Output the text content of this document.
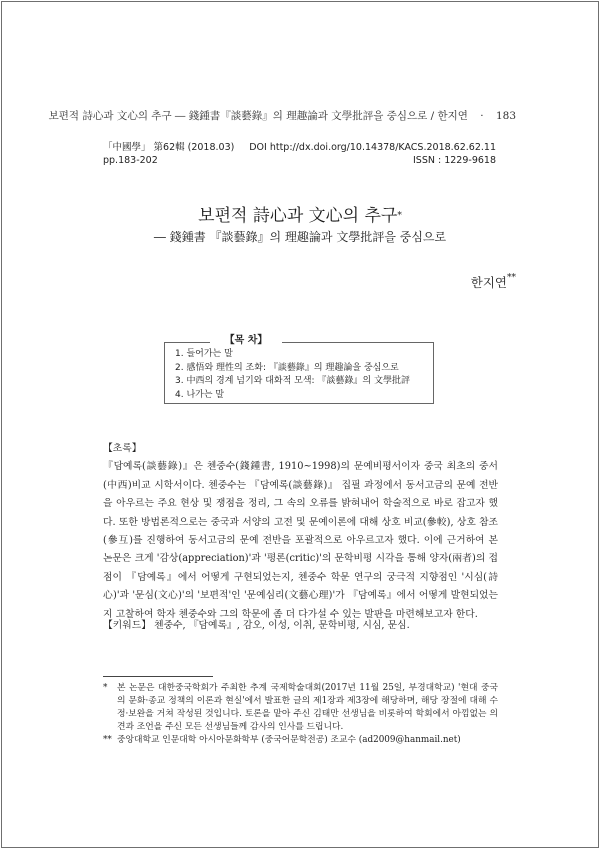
보편적 詩心과 文心의 추구 ― 錢鍾書『談藝錄』의 理趣論과 文學批評을 중심으로 / 한지연 · 183
「中國學」 第62輯 (2018.03) DOI http://dx.doi.org/10.14378/KACS.2018.62.62.11
pp.183-202	ISSN : 1229-9618
보편적 詩心과 文心의 추구*
― 錢鍾書 『談藝錄』의 理趣論과 文學批評을 중심으로
한지연**
1. 들어가는 말
2. 感悟와 理性의 조화: 『談藝錄』의 理趣論을 중심으로
3. 中西의 경계 넘기와 대화적 모색: 『談藝錄』의 文學批評
4. 나가는 말
【목 차】
【초록】
『담예록(談藝錄)』은 첸중수(錢鍾書, 1910~1998)의 문예비평서이자 중국 최초의 중서(中西)비교 시학서이다. 첸중수는 『담예록(談藝錄)』 집필 과정에서 동서고금의 문예 전반을 아우르는 주요 현상 및 쟁점을 정리, 그 속의 오류를 밝혀내어 학술적으로 바로 잡고자 했다. 또한 방법론적으로는 중국과 서양의 고전 및 문예이론에 대해 상호 비교(參較), 상호 참조(參互)를 진행하여 동서고금의 문예 전반을 포괄적으로 아우르고자 했다. 이에 근거하여 본 논문은 크게 '감상(appreciation)'과 '평론(critic)'의 문학비평 시각을 통해 양자(兩者)의 접점이 『담예록』에서 어떻게 구현되었는지, 첸중수 학문 연구의 궁극적 지향점인 '시심(詩心)'과 '문심(文心)'의 '보편적'인 '문예심리(文藝心理)'가 『담예록』에서 어떻게 발현되었는지 고찰하여 학자 첸중수와 그의 학문에 좀 더 다가설 수 있는 발판을 마련해보고자 한다.
【키워드】 첸중수, 『담예록』, 감오, 이성, 이취, 문학비평, 시심, 문심.
* 본 논문은 대한중국학회가 주최한 추계 국제학술대회(2017년 11월 25일, 부경대학교) '현대 중국의 문화·종교 정책의 이론과 현실'에서 발표한 글의 제1장과 제3장에 해당하며, 해당 장절에 대해 수정·보완을 거쳐 작성된 것입니다. 토론을 맡아 주신 김태만 선생님을 비롯하여 학회에서 아낌없는 의견과 조언을 주신 모든 선생님들께 감사의 인사를 드립니다.
** 중앙대학교 인문대학 아시아문화학부 (중국어문학전공) 조교수 (ad2009@hanmail.net)
